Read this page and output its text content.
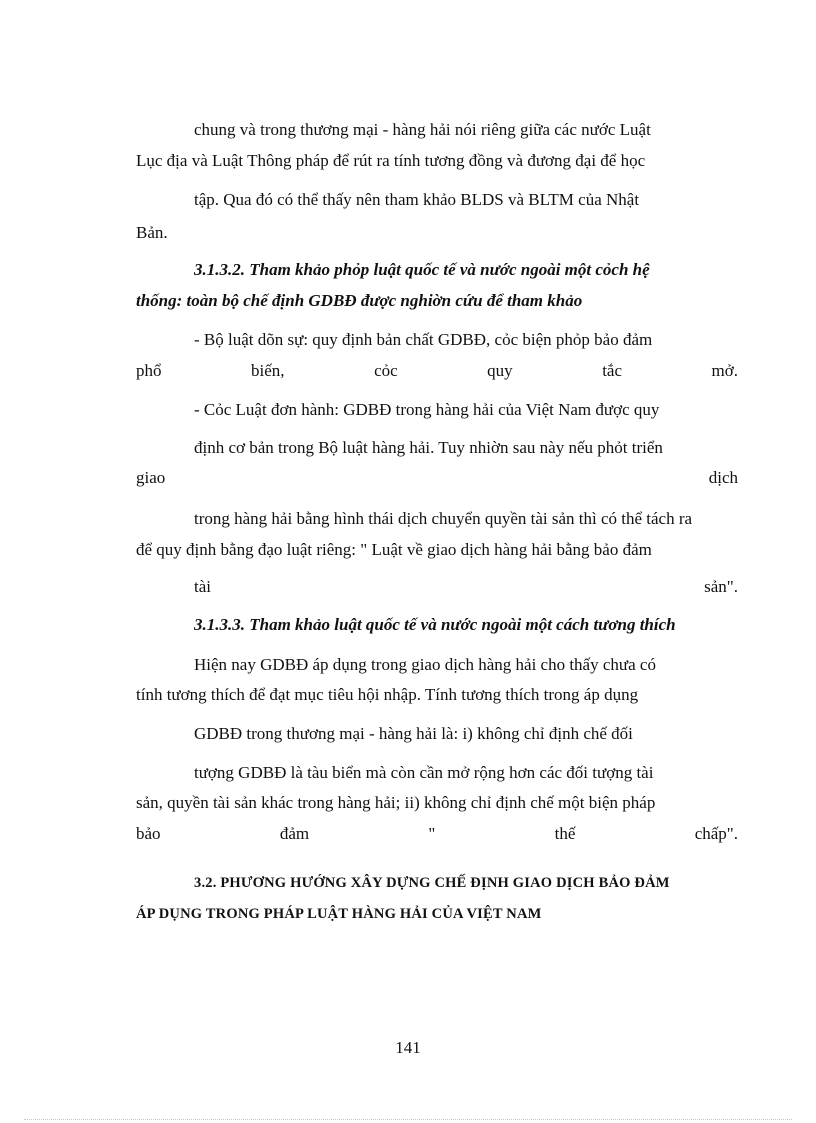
chung và trong thương mại - hàng hải nói riêng giữa các nước Luật
Lục địa và Luật Thông pháp để rút ra tính tương đồng và đương đại để học
tập. Qua đó có thể thấy nên tham khảo BLDS và BLTM của Nhật
Bản.
3.1.3.2. Tham khảo phỏp luật quốc tế và nước ngoài một cỏch hệ
thống: toàn bộ chế định GDBĐ được nghiờn cứu để tham khảo
- Bộ luật dõn sự: quy định bản chất GDBĐ, cỏc biện phỏp bảo đảm
phổ	biến,	cỏc	quy	tắc	mở.
- Cỏc Luật đơn hành: GDBĐ trong hàng hải của Việt Nam được quy
định cơ bản trong Bộ luật hàng hải. Tuy nhiờn sau này nếu phỏt triển
giao	dịch
trong hàng hải bằng hình thái dịch chuyển quyền tài sản thì có thể tách ra
để quy định bằng đạo luật riêng: " Luật về giao dịch hàng hải bằng bảo đảm
tài	sản".
3.1.3.3. Tham khảo luật quốc tế và nước ngoài một cách tương thích
Hiện nay GDBĐ áp dụng trong giao dịch hàng hải cho thấy chưa có
tính tương thích để đạt mục tiêu hội nhập. Tính tương thích trong áp dụng
GDBĐ trong thương mại - hàng hải là: i) không chỉ định chế đối
tượng GDBĐ là tàu biển mà còn cần mở rộng hơn các đối tượng tài
sản, quyền tài sản khác trong hàng hải; ii) không chỉ định chế một biện pháp
bảo	đảm	"	thế	chấp".
3.2. PHƯƠNG HƯỚNG XÂY DỰNG CHẾ ĐỊNH GIAO DỊCH BẢO ĐẢM
ÁP DỤNG TRONG PHÁP LUẬT HÀNG HẢI CỦA VIỆT NAM
141
